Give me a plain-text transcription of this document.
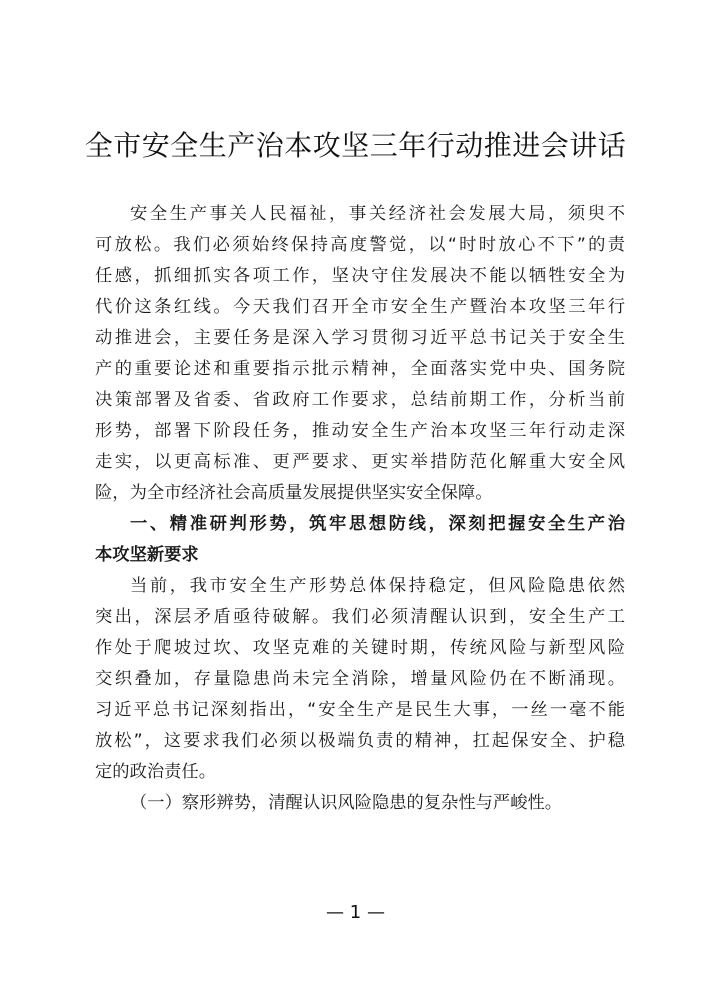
全市安全生产治本攻坚三年行动推进会讲话
安全生产事关人民福祉，事关经济社会发展大局，须臾不
可放松。我们必须始终保持高度警觉，以“时时放心不下”的责
任感，抓细抓实各项工作，坚决守住发展决不能以牺牲安全为
代价这条红线。今天我们召开全市安全生产暨治本攻坚三年行
动推进会，主要任务是深入学习贯彻习近平总书记关于安全生
产的重要论述和重要指示批示精神，全面落实党中央、国务院
决策部署及省委、省政府工作要求，总结前期工作，分析当前
形势，部署下阶段任务，推动安全生产治本攻坚三年行动走深
走实，以更高标准、更严要求、更实举措防范化解重大安全风
险，为全市经济社会高质量发展提供坚实安全保障。
一、精准研判形势，筑牢思想防线，深刻把握安全生产治
本攻坚新要求
当前，我市安全生产形势总体保持稳定，但风险隐患依然
突出，深层矛盾亟待破解。我们必须清醒认识到，安全生产工
作处于爬坡过坎、攻坚克难的关键时期，传统风险与新型风险
交织叠加，存量隐患尚未完全消除，增量风险仍在不断涌现。
习近平总书记深刻指出，“安全生产是民生大事，一丝一毫不能
放松”，这要求我们必须以极端负责的精神，扛起保安全、护稳
定的政治责任。
（一）察形辨势，清醒认识风险隐患的复杂性与严峻性。
— 1 —
